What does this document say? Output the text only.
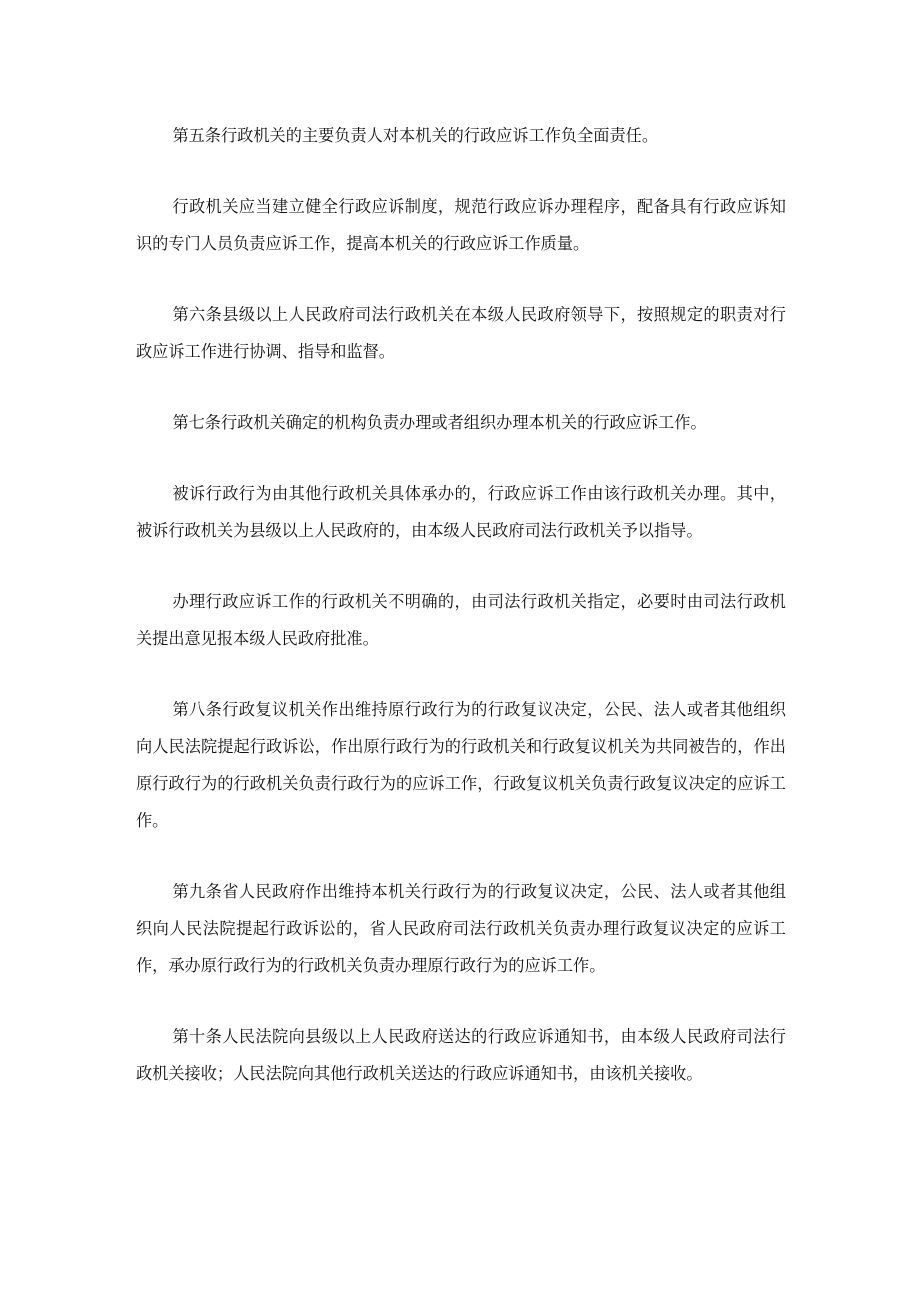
第五条行政机关的主要负责人对本机关的行政应诉工作负全面责任。

行政机关应当建立健全行政应诉制度，规范行政应诉办理程序，配备具有行政应诉知识的专门人员负责应诉工作，提高本机关的行政应诉工作质量。

第六条县级以上人民政府司法行政机关在本级人民政府领导下，按照规定的职责对行政应诉工作进行协调、指导和监督。

第七条行政机关确定的机构负责办理或者组织办理本机关的行政应诉工作。

被诉行政行为由其他行政机关具体承办的，行政应诉工作由该行政机关办理。其中，被诉行政机关为县级以上人民政府的，由本级人民政府司法行政机关予以指导。

办理行政应诉工作的行政机关不明确的，由司法行政机关指定，必要时由司法行政机关提出意见报本级人民政府批准。

第八条行政复议机关作出维持原行政行为的行政复议决定，公民、法人或者其他组织向人民法院提起行政诉讼，作出原行政行为的行政机关和行政复议机关为共同被告的，作出原行政行为的行政机关负责行政行为的应诉工作，行政复议机关负责行政复议决定的应诉工作。

第九条省人民政府作出维持本机关行政行为的行政复议决定，公民、法人或者其他组织向人民法院提起行政诉讼的，省人民政府司法行政机关负责办理行政复议决定的应诉工作，承办原行政行为的行政机关负责办理原行政行为的应诉工作。

第十条人民法院向县级以上人民政府送达的行政应诉通知书，由本级人民政府司法行政机关接收；人民法院向其他行政机关送达的行政应诉通知书，由该机关接收。
